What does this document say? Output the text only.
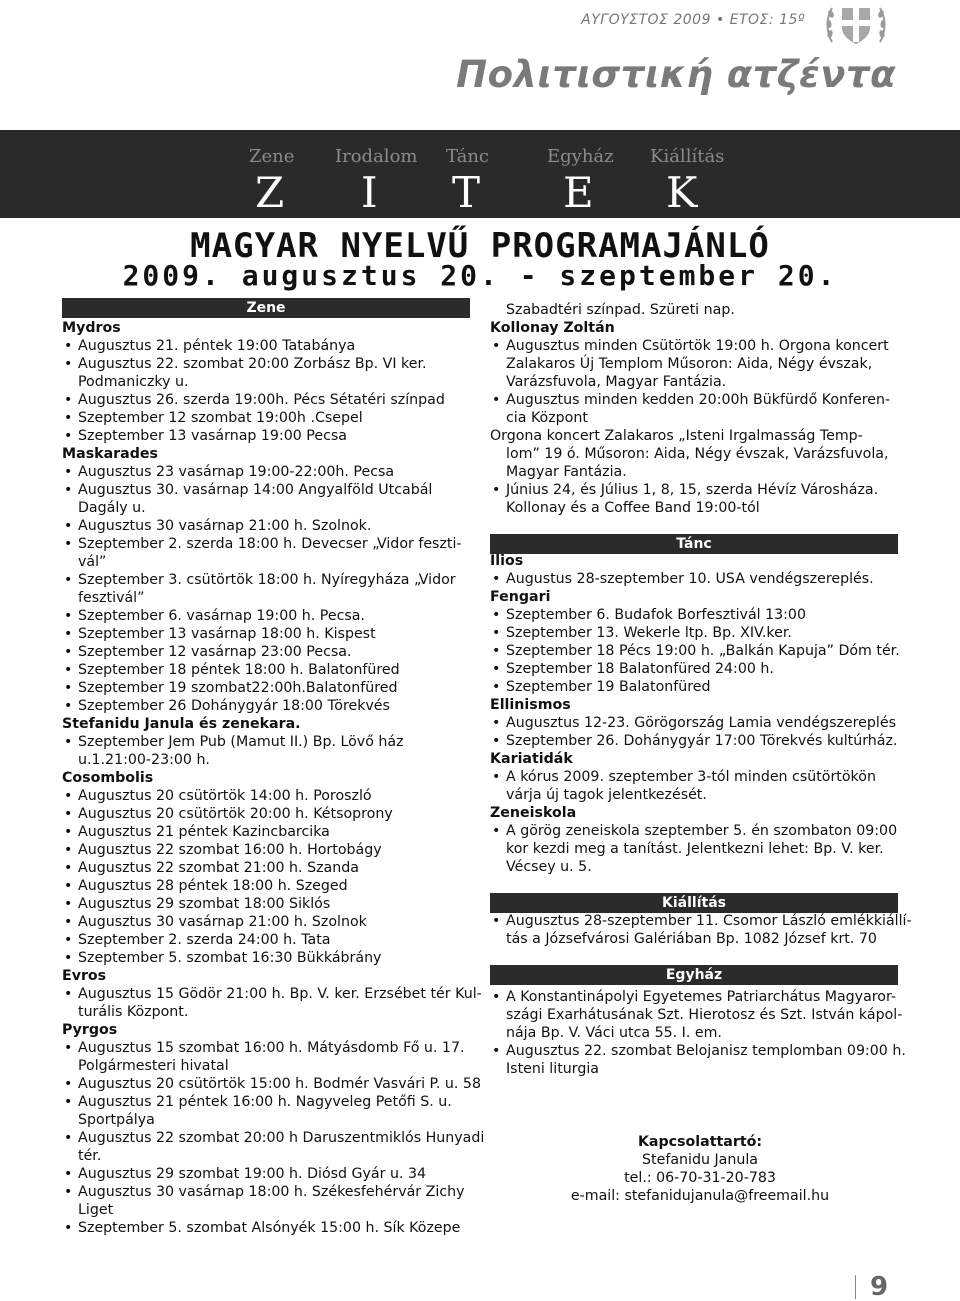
ΑΥΓΟΥΣΤΟΣ 2009 • ΕΤΟΣ: 15º
Πολιτιστική ατζέντα
Zene Irodalom Tánc	Egyház Kiállítás
Z I T E K
MAGYAR NYELVŰ PROGRAMAJÁNLÓ
2009. augusztus 20. - szeptember 20.
Zene
Mydros
• Augusztus 21. péntek 19:00 Tatabánya
• Augusztus 22. szombat 20:00 Zorbász Bp. VI ker.
Podmaniczky u.
• Augusztus 26. szerda 19:00h. Pécs Sétatéri színpad
• Szeptember 12 szombat 19:00h .Csepel
• Szeptember 13 vasárnap 19:00 Pecsa
Maskarades
• Augusztus 23 vasárnap 19:00-22:00h. Pecsa
• Augusztus 30. vasárnap 14:00 Angyalföld Utcabál
Dagály u.
• Augusztus 30 vasárnap 21:00 h. Szolnok.
• Szeptember 2. szerda 18:00 h. Devecser „Vidor feszti-
vál”
• Szeptember 3. csütörtök 18:00 h. Nyíregyháza „Vidor
fesztivál”
• Szeptember 6. vasárnap 19:00 h. Pecsa.
• Szeptember 13 vasárnap 18:00 h. Kispest
• Szeptember 12 vasárnap 23:00 Pecsa.
• Szeptember 18 péntek 18:00 h. Balatonfüred
• Szeptember 19 szombat22:00h.Balatonfüred
• Szeptember 26 Dohánygyár 18:00 Törekvés
Stefanidu Janula és zenekara.
• Szeptember Jem Pub (Mamut II.) Bp. Lövő ház
u.1.21:00-23:00 h.
Cosombolis
• Augusztus 20 csütörtök 14:00 h. Poroszló
• Augusztus 20 csütörtök 20:00 h. Kétsoprony
• Augusztus 21 péntek Kazincbarcika
• Augusztus 22 szombat 16:00 h. Hortobágy
• Augusztus 22 szombat 21:00 h. Szanda
• Augusztus 28 péntek 18:00 h. Szeged
• Augusztus 29 szombat 18:00 Siklós
• Augusztus 30 vasárnap 21:00 h. Szolnok
• Szeptember 2. szerda 24:00 h. Tata
• Szeptember 5. szombat 16:30 Bükkábrány
Evros
• Augusztus 15 Gödör 21:00 h. Bp. V. ker. Erzsébet tér Kul-
turális Központ.
Pyrgos
• Augusztus 15 szombat 16:00 h. Mátyásdomb Fő u. 17.
Polgármesteri hivatal
• Augusztus 20 csütörtök 15:00 h. Bodmér Vasvári P. u. 58
• Augusztus 21 péntek 16:00 h. Nagyveleg Petőfi S. u.
Sportpálya
• Augusztus 22 szombat 20:00 h Daruszentmiklós Hunyadi
tér.
• Augusztus 29 szombat 19:00 h. Diósd Gyár u. 34
• Augusztus 30 vasárnap 18:00 h. Székesfehérvár Zichy
Liget
• Szeptember 5. szombat Alsónyék 15:00 h. Sík Közepe
Szabadtéri színpad. Szüreti nap.
Kollonay Zoltán
• Augusztus minden Csütörtök 19:00 h. Orgona koncert
Zalakaros Új Templom Műsoron: Aida, Négy évszak,
Varázsfuvola, Magyar Fantázia.
• Augusztus minden kedden 20:00h Bükfürdő Konferen-
cia Központ
Orgona koncert Zalakaros „Isteni Irgalmasság Temp-
lom” 19 ó. Műsoron: Aida, Négy évszak, Varázsfuvola,
Magyar Fantázia.
• Június 24, és Július 1, 8, 15, szerda Hévíz Városháza.
Kollonay és a Coffee Band 19:00-tól
Tánc
Ilios
• Augustus 28-szeptember 10. USA vendégszereplés.
Fengari
• Szeptember 6. Budafok Borfesztivál 13:00
• Szeptember 13. Wekerle ltp. Bp. XIV.ker.
• Szeptember 18 Pécs 19:00 h. „Balkán Kapuja” Dóm tér.
• Szeptember 18 Balatonfüred 24:00 h.
• Szeptember 19 Balatonfüred
Ellinismos
• Augusztus 12-23. Görögország Lamia vendégszereplés
• Szeptember 26. Dohánygyár 17:00 Törekvés kultúrház.
Kariatidák
• A kórus 2009. szeptember 3-tól minden csütörtökön
várja új tagok jelentkezését.
Zeneiskola
• A görög zeneiskola szeptember 5. én szombaton 09:00
kor kezdi meg a tanítást. Jelentkezni lehet: Bp. V. ker.
Vécsey u. 5.
Kiállítás
• Augusztus 28-szeptember 11. Csomor László emlékkiállí-
tás a Józsefvárosi Galériában Bp. 1082 József krt. 70
Egyház
• A Konstantinápolyi Egyetemes Patriarchátus Magyaror-
szági Exarhátusának Szt. Hierotosz és Szt. István kápol-
nája Bp. V. Váci utca 55. I. em.
• Augusztus 22. szombat Belojanisz templomban 09:00 h.
Isteni liturgia
Kapcsolattartó:
Stefanidu Janula
tel.: 06-70-31-20-783
e-mail: stefanidujanula@freemail.hu
9
